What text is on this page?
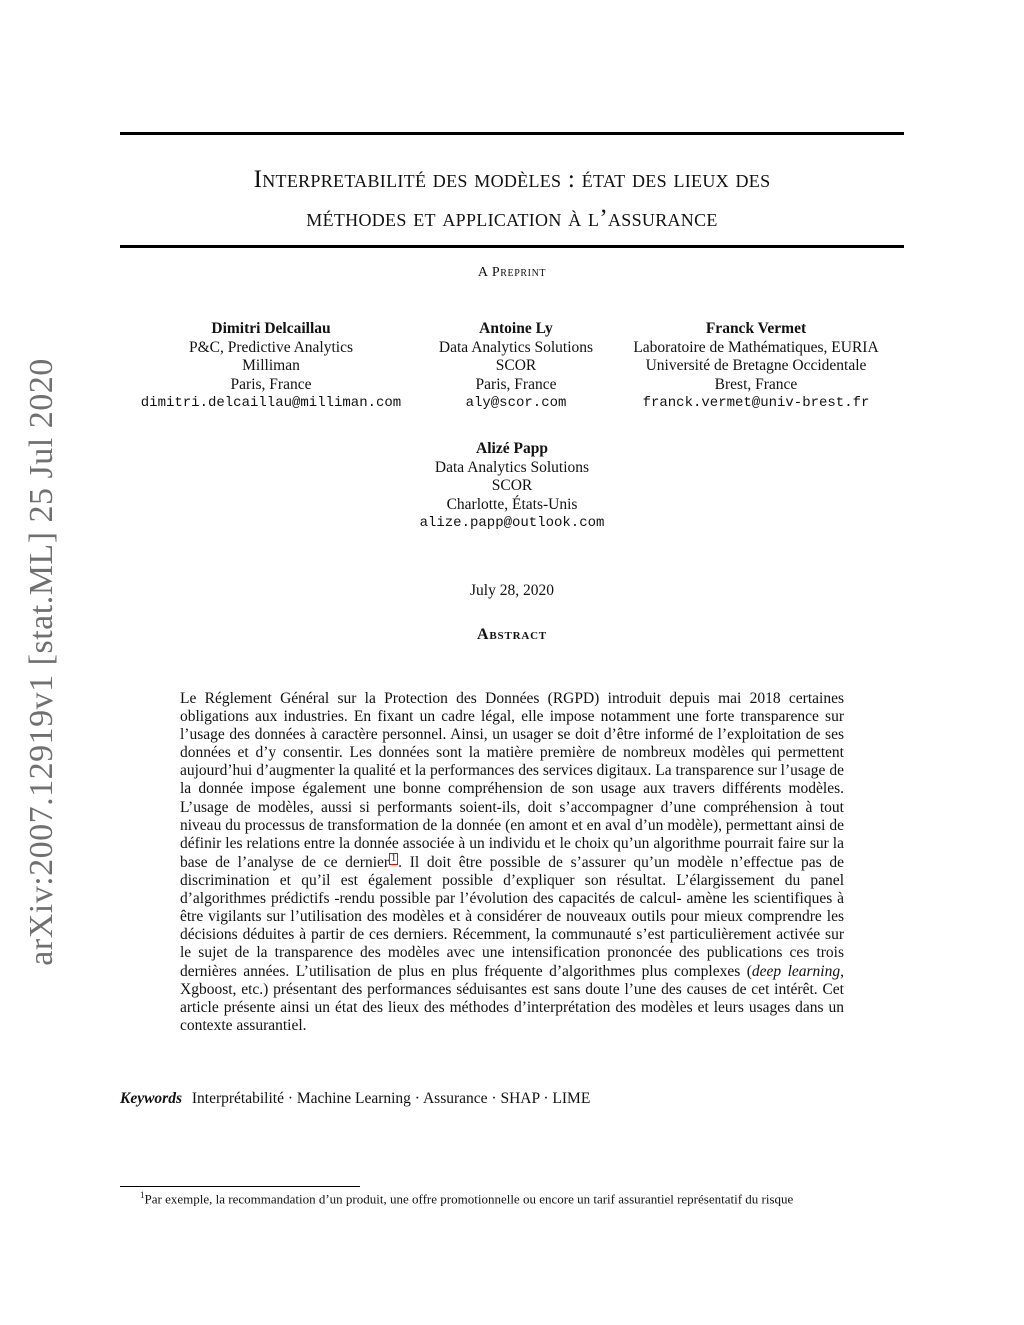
arXiv:2007.12919v1 [stat.ML] 25 Jul 2020
Interpretabilité des modèles : état des lieux des
méthodes et application à l’assurance
A Preprint
Dimitri Delcaillau
P&C, Predictive Analytics
Milliman
Paris, France
dimitri.delcaillau@milliman.com
Antoine Ly
Data Analytics Solutions
SCOR
Paris, France
aly@scor.com
Franck Vermet
Laboratoire de Mathématiques, EURIA
Université de Bretagne Occidentale
Brest, France
franck.vermet@univ-brest.fr
Alizé Papp
Data Analytics Solutions
SCOR
Charlotte, États-Unis
alize.papp@outlook.com
July 28, 2020
Abstract
Le Réglement Général sur la Protection des Données (RGPD) introduit depuis mai 2018 certaines obligations aux industries. En fixant un cadre légal, elle impose notamment une forte transparence sur l’usage des données à caractère personnel. Ainsi, un usager se doit d’être informé de l’exploitation de ses données et d’y consentir. Les données sont la matière première de nombreux modèles qui permettent aujourd’hui d’augmenter la qualité et la performances des services digitaux. La transparence sur l’usage de la donnée impose également une bonne compréhension de son usage aux travers différents modèles. L’usage de modèles, aussi si performants soient-ils, doit s’accompagner d’une compréhension à tout niveau du processus de transformation de la donnée (en amont et en aval d’un modèle), permettant ainsi de définir les relations entre la donnée associée à un individu et le choix qu’un algorithme pourrait faire sur la base de l’analyse de ce dernier 1 . Il doit être possible de s’assurer qu’un modèle n’effectue pas de discrimination et qu’il est également possible d’expliquer son résultat. L’élargissement du panel d’algorithmes prédictifs -rendu possible par l’évolution des capacités de calcul- amène les scientifiques à être vigilants sur l’utilisation des modèles et à considérer de nouveaux outils pour mieux comprendre les décisions déduites à partir de ces derniers. Récemment, la communauté s’est particulièrement activée sur le sujet de la transparence des modèles avec une intensification prononcée des publications ces trois dernières années. L’utilisation de plus en plus fréquente d’algorithmes plus complexes (deep learning, Xgboost, etc.) présentant des performances séduisantes est sans doute l’une des causes de cet intérêt. Cet article présente ainsi un état des lieux des méthodes d’interprétation des modèles et leurs usages dans un contexte assurantiel.
Keywords Interprétabilité · Machine Learning · Assurance · SHAP · LIME
$^1$Par exemple, la recommandation d’un produit, une offre promotionnelle ou encore un tarif assurantiel représentatif du risque
